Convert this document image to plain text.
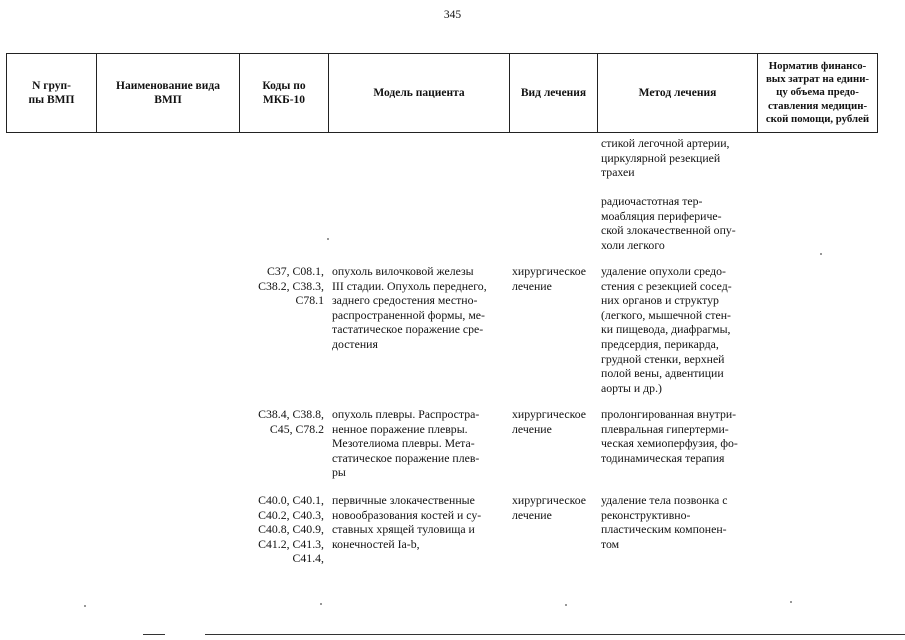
345
N груп-
пы ВМП
Наименование вида
ВМП
Коды по
МКБ-10
Модель пациента	Вид лечения	Метод лечения
Норматив финансо-
вых затрат на едини-
цу объема предо-
ставления медицин-
ской помощи, рублей
стикой легочной артерии,
циркулярной резекцией
трахеи
радиочастотная тер-
моабляция перифериче-
ской злокачественной опу-
холи легкого
C37, C08.1,
C38.2, C38.3,
C78.1
опухоль вилочковой железы
III стадии. Опухоль переднего,
заднего средостения местно-
распространенной формы, ме-
тастатическое поражение сре-
достения
хирургическое
лечение
удаление опухоли средо-
стения с резекцией сосед-
них органов и структур
(легкого, мышечной стен-
ки пищевода, диафрагмы,
предсердия, перикарда,
грудной стенки, верхней
полой вены, адвентиции
аорты и др.)
C38.4, C38.8,
C45, C78.2
опухоль плевры. Распростра-
ненное поражение плевры.
Мезотелиома плевры. Мета-
статическое поражение плев-
ры
хирургическое
лечение
пролонгированная внутри-
плевральная гипертерми-
ческая хемиоперфузия, фо-
тодинамическая терапия
C40.0, C40.1,
C40.2, C40.3,
C40.8, C40.9,
C41.2, C41.3,
C41.4,
первичные злокачественные
новообразования костей и су-
ставных хрящей туловища и
конечностей Ia-b,
хирургическое
лечение
удаление тела позвонка с
реконструктивно-
пластическим компонен-
том
